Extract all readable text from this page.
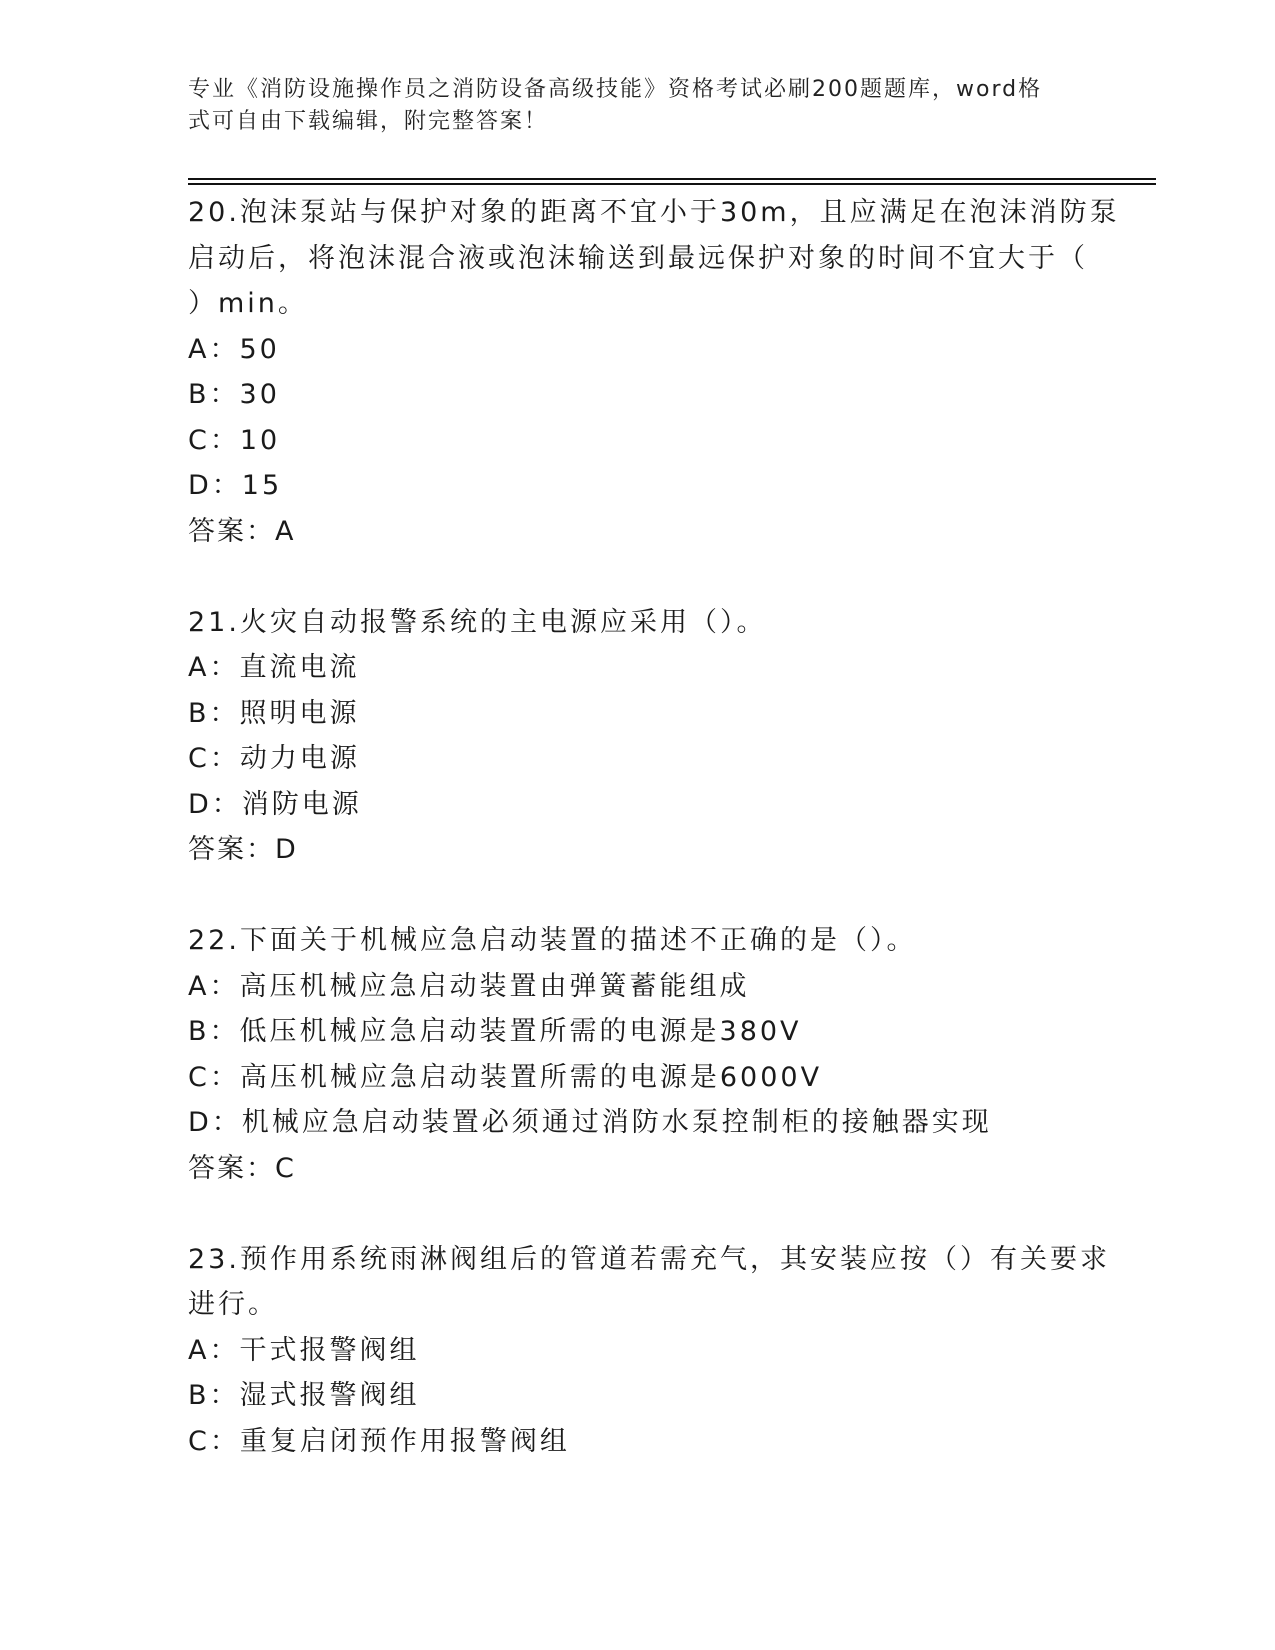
专业《消防设施操作员之消防设备高级技能》资格考试必刷200题题库，word格
式可自由下载编辑，附完整答案！
20.泡沫泵站与保护对象的距离不宜小于30m，且应满足在泡沫消防泵
启动后，将泡沫混合液或泡沫输送到最远保护对象的时间不宜大于（
）min。
A：50
B：30
C：10
D：15
答案：A
21.火灾自动报警系统的主电源应采用（）。
A：直流电流
B：照明电源
C：动力电源
D：消防电源
答案：D
22.下面关于机械应急启动装置的描述不正确的是（）。
A：高压机械应急启动装置由弹簧蓄能组成
B：低压机械应急启动装置所需的电源是380V
C：高压机械应急启动装置所需的电源是6000V
D：机械应急启动装置必须通过消防水泵控制柜的接触器实现
答案：C
23.预作用系统雨淋阀组后的管道若需充气，其安装应按（）有关要求
进行。
A：干式报警阀组
B：湿式报警阀组
C：重复启闭预作用报警阀组
